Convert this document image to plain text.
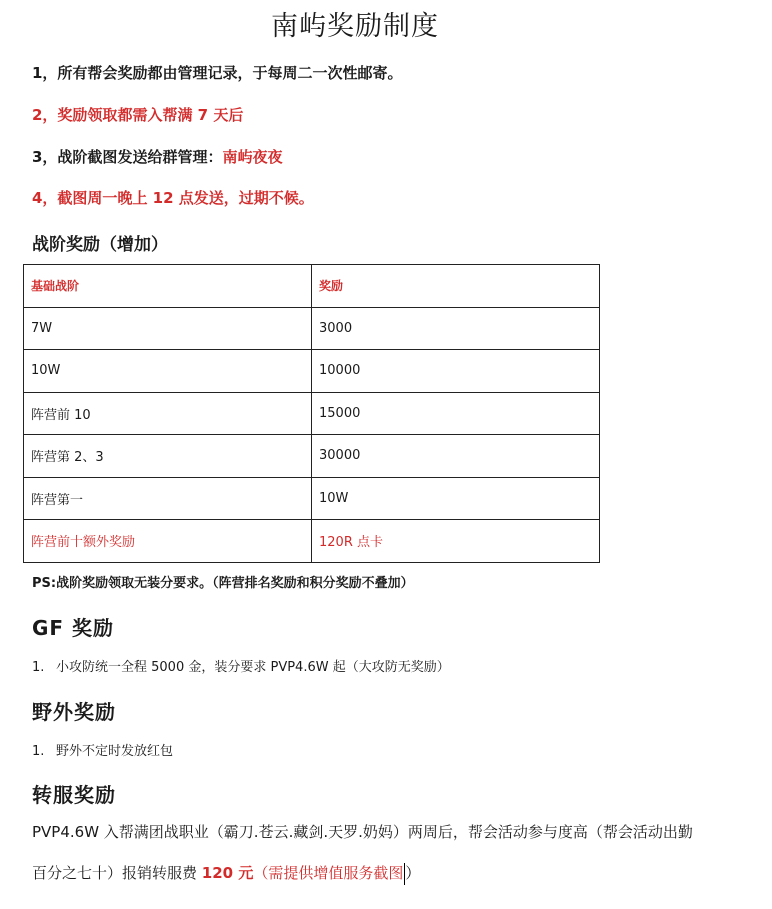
南屿奖励制度

1，所有帮会奖励都由管理记录，于每周二一次性邮寄。

2，奖励领取都需入帮满 7 天后

3，战阶截图发送给群管理：南屿夜夜

4，截图周一晚上 12 点发送，过期不候。

战阶奖励（增加）

基础战阶	奖励
7W	3000
10W	10000
阵营前 10	15000
阵营第 2、3	30000
阵营第一	10W
阵营前十额外奖励	120R 点卡

PS:战阶奖励领取无装分要求。（阵营排名奖励和积分奖励不叠加）

GF 奖励

1. 小攻防统一全程 5000 金，装分要求 PVP4.6W 起（大攻防无奖励）

野外奖励

1. 野外不定时发放红包

转服奖励

PVP4.6W 入帮满团战职业（霸刀.苍云.藏剑.天罗.奶妈）两周后，帮会活动参与度高（帮会活动出勤

百分之七十）报销转服费 120 元（需提供增值服务截图 ）
